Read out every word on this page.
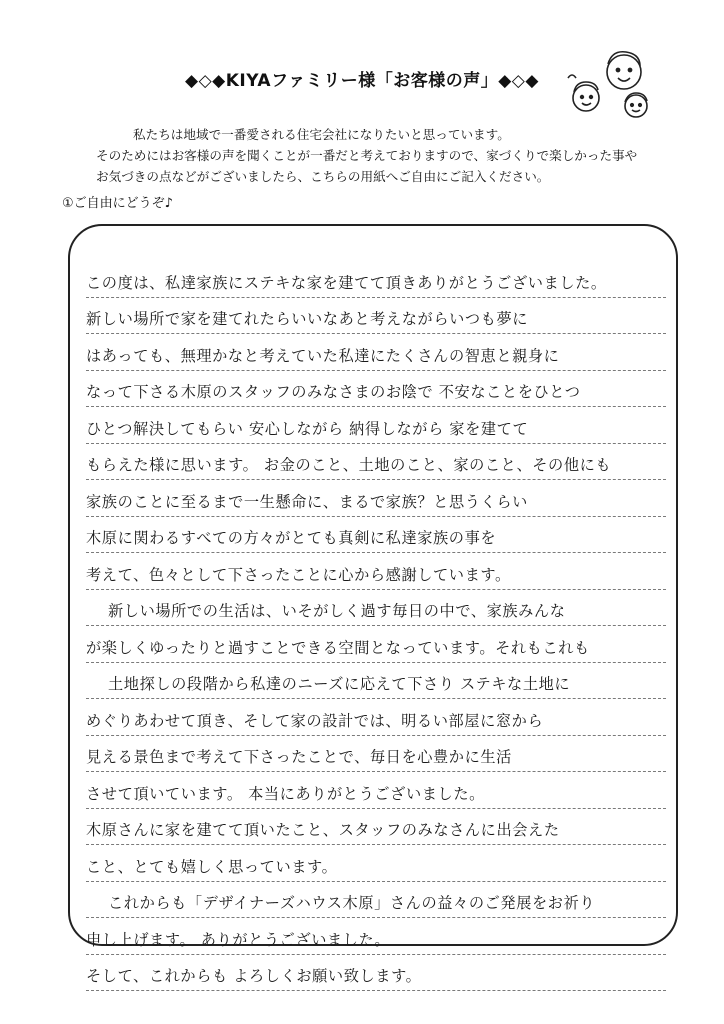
◆◇◆KIYAファミリー様「お客様の声」◆◇◆
私たちは地域で一番愛される住宅会社になりたいと思っています。
そのためにはお客様の声を聞くことが一番だと考えておりますので、家づくりで楽しかった事や
お気づきの点などがございましたら、こちらの用紙へご自由にご記入ください。
①ご自由にどうぞ♪
この度は、私達家族にステキな家を建てて頂きありがとうございました。
新しい場所で家を建てれたらいいなあと考えながらいつも夢に
はあっても、無理かなと考えていた私達にたくさんの智恵と親身に
なって下さる木原のスタッフのみなさまのお陰で 不安なことをひとつ
ひとつ解決してもらい 安心しながら 納得しながら 家を建てて
もらえた様に思います。 お金のこと、土地のこと、家のこと、その他にも
家族のことに至るまで一生懸命に、まるで家族？と思うくらい
木原に関わるすべての方々がとても真剣に私達家族の事を
考えて、色々として下さったことに心から感謝しています。
新しい場所での生活は、いそがしく過す毎日の中で、家族みんな
が楽しくゆったりと過すことできる空間となっています。それもこれも
土地探しの段階から私達のニーズに応えて下さり ステキな土地に
めぐりあわせて頂き、そして家の設計では、明るい部屋に窓から
見える景色まで考えて下さったことで、毎日を心豊かに生活
させて頂いています。 本当にありがとうございました。
木原さんに家を建てて頂いたこと、スタッフのみなさんに出会えた
こと、とても嬉しく思っています。
これからも「デザイナーズハウス木原」さんの益々のご発展をお祈り
申し上げます。 ありがとうございました。
そして、これからも よろしくお願い致します。
